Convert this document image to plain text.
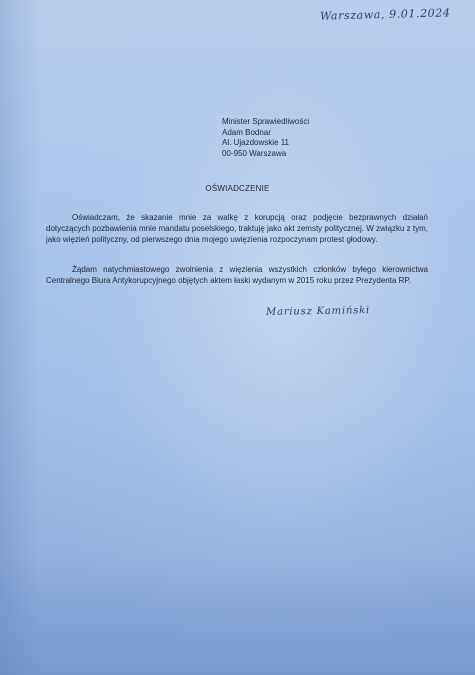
Warszawa, 9.01.2024
Minister Sprawiedliwości
Adam Bodnar
Al. Ujazdowskie 11
00-950 Warszawa
OŚWIADCZENIE
Oświadczam, że skazanie mnie za walkę z korupcją oraz podjęcie bezprawnych działań dotyczących pozbawienia mnie mandatu poselskiego, traktuję jako akt zemsty politycznej. W związku z tym, jako więzień polityczny, od pierwszego dnia mojego uwięzienia rozpoczynam protest głodowy.
Żądam natychmiastowego zwolnienia z więzienia wszystkich członków byłego kierownictwa Centralnego Biura Antykorupcyjnego objętych aktem łaski wydanym w 2015 roku przez Prezydenta RP.
Mariusz Kamiński
